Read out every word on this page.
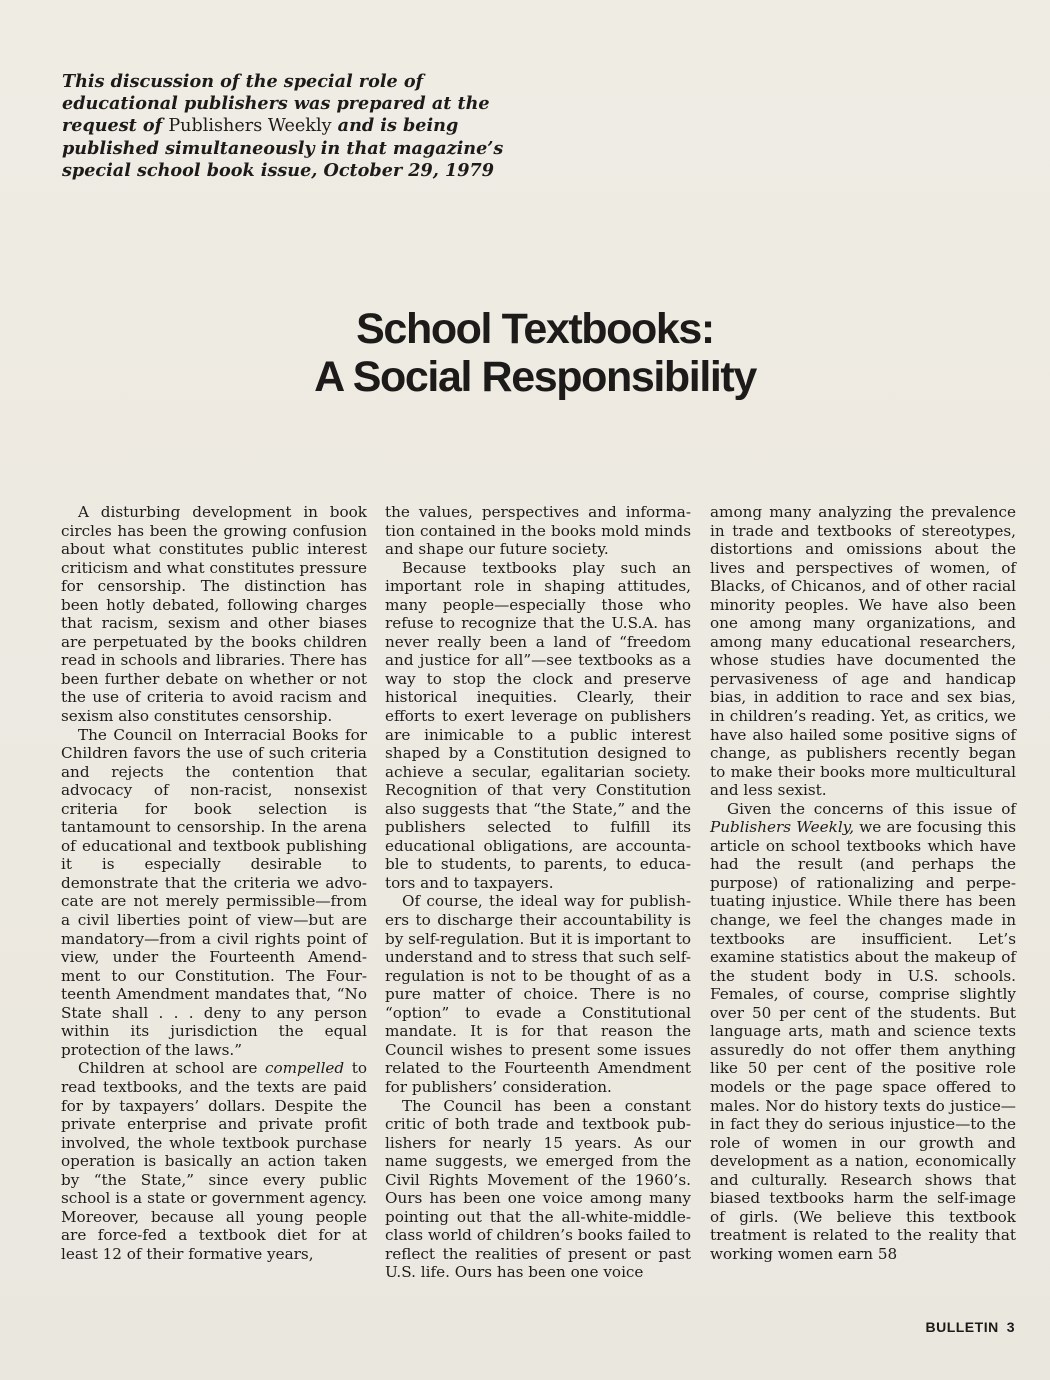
This discussion of the special role of educational publishers was prepared at the request of Publishers Weekly and is being published simultaneously in that magazine’s special school book issue, October 29, 1979

School Textbooks:
A Social Responsibility

A disturbing development in book circles has been the growing confusion about what constitutes public interest criticism and what constitutes pressure for censorship. The distinction has been hotly debated, following charges that racism, sexism and other biases are perpetuated by the books children read in schools and libraries. There has been further debate on whether or not the use of criteria to avoid racism and sexism also constitutes censorship.

The Council on Interracial Books for Children favors the use of such criteria and rejects the contention that advocacy of non-racist, nonsexist criteria for book selection is tantamount to censorship. In the arena of educational and textbook publishing it is especially desirable to demonstrate that the criteria we advocate are not merely permissible—from a civil liberties point of view—but are mandatory—from a civil rights point of view, under the Fourteenth Amendment to our Constitution. The Fourteenth Amendment mandates that, “No State shall . . . deny to any person within its jurisdiction the equal protection of the laws.”

Children at school are compelled to read textbooks, and the texts are paid for by taxpayers’ dollars. Despite the private enterprise and private profit involved, the whole textbook purchase operation is basically an action taken by “the State,” since every public school is a state or government agency. Moreover, because all young people are force-fed a textbook diet for at least 12 of their formative years,

the values, perspectives and information contained in the books mold minds and shape our future society.

Because textbooks play such an important role in shaping attitudes, many people—especially those who refuse to recognize that the U.S.A. has never really been a land of “freedom and justice for all”—see textbooks as a way to stop the clock and preserve historical inequities. Clearly, their efforts to exert leverage on publishers are inimicable to a public interest shaped by a Constitution designed to achieve a secular, egalitarian society. Recognition of that very Constitution also suggests that “the State,” and the publishers selected to fulfill its educational obligations, are accountable to students, to parents, to educators and to taxpayers.

Of course, the ideal way for publishers to discharge their accountability is by self-regulation. But it is important to understand and to stress that such self-regulation is not to be thought of as a pure matter of choice. There is no “option” to evade a Constitutional mandate. It is for that reason the Council wishes to present some issues related to the Fourteenth Amendment for publishers’ consideration.

The Council has been a constant critic of both trade and textbook publishers for nearly 15 years. As our name suggests, we emerged from the Civil Rights Movement of the 1960’s. Ours has been one voice among many pointing out that the all-white-middle-class world of children’s books failed to reflect the realities of present or past U.S. life. Ours has been one voice

among many analyzing the prevalence in trade and textbooks of stereotypes, distortions and omissions about the lives and perspectives of women, of Blacks, of Chicanos, and of other racial minority peoples. We have also been one among many organizations, and among many educational researchers, whose studies have documented the pervasiveness of age and handicap bias, in addition to race and sex bias, in children’s reading. Yet, as critics, we have also hailed some positive signs of change, as publishers recently began to make their books more multicultural and less sexist.

Given the concerns of this issue of Publishers Weekly, we are focusing this article on school textbooks which have had the result (and perhaps the purpose) of rationalizing and perpetuating injustice. While there has been change, we feel the changes made in textbooks are insufficient. Let’s examine statistics about the makeup of the student body in U.S. schools. Females, of course, comprise slightly over 50 per cent of the students. But language arts, math and science texts assuredly do not offer them anything like 50 per cent of the positive role models or the page space offered to males. Nor do history texts do justice—in fact they do serious injustice—to the role of women in our growth and development as a nation, economically and culturally. Research shows that biased textbooks harm the self-image of girls. (We believe this textbook treatment is related to the reality that working women earn 58

BULLETIN 3
